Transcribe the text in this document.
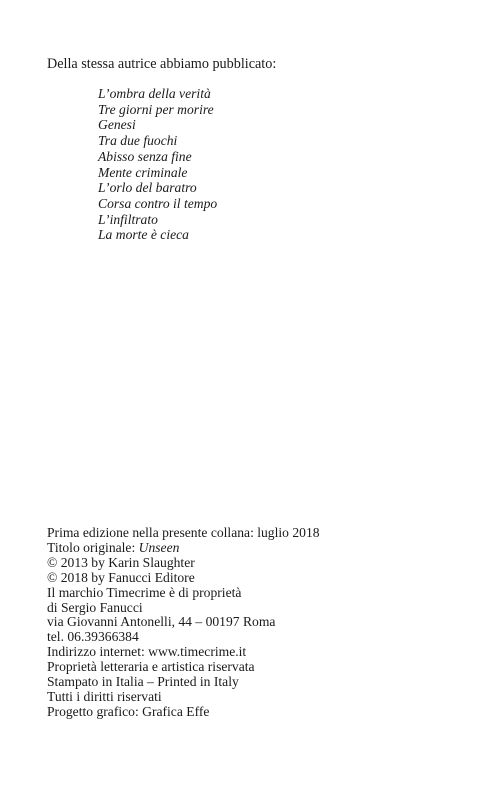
Della stessa autrice abbiamo pubblicato:

L’ombra della verità
Tre giorni per morire
Genesi
Tra due fuochi
Abisso senza fine
Mente criminale
L’orlo del baratro
Corsa contro il tempo
L’infiltrato
La morte è cieca
Prima edizione nella presente collana: luglio 2018
Titolo originale: Unseen
© 2013 by Karin Slaughter
© 2018 by Fanucci Editore
Il marchio Timecrime è di proprietà
di Sergio Fanucci
via Giovanni Antonelli, 44 – 00197 Roma
tel. 06.39366384
Indirizzo internet: www.timecrime.it
Proprietà letteraria e artistica riservata
Stampato in Italia – Printed in Italy
Tutti i diritti riservati
Progetto grafico: Grafica Effe
